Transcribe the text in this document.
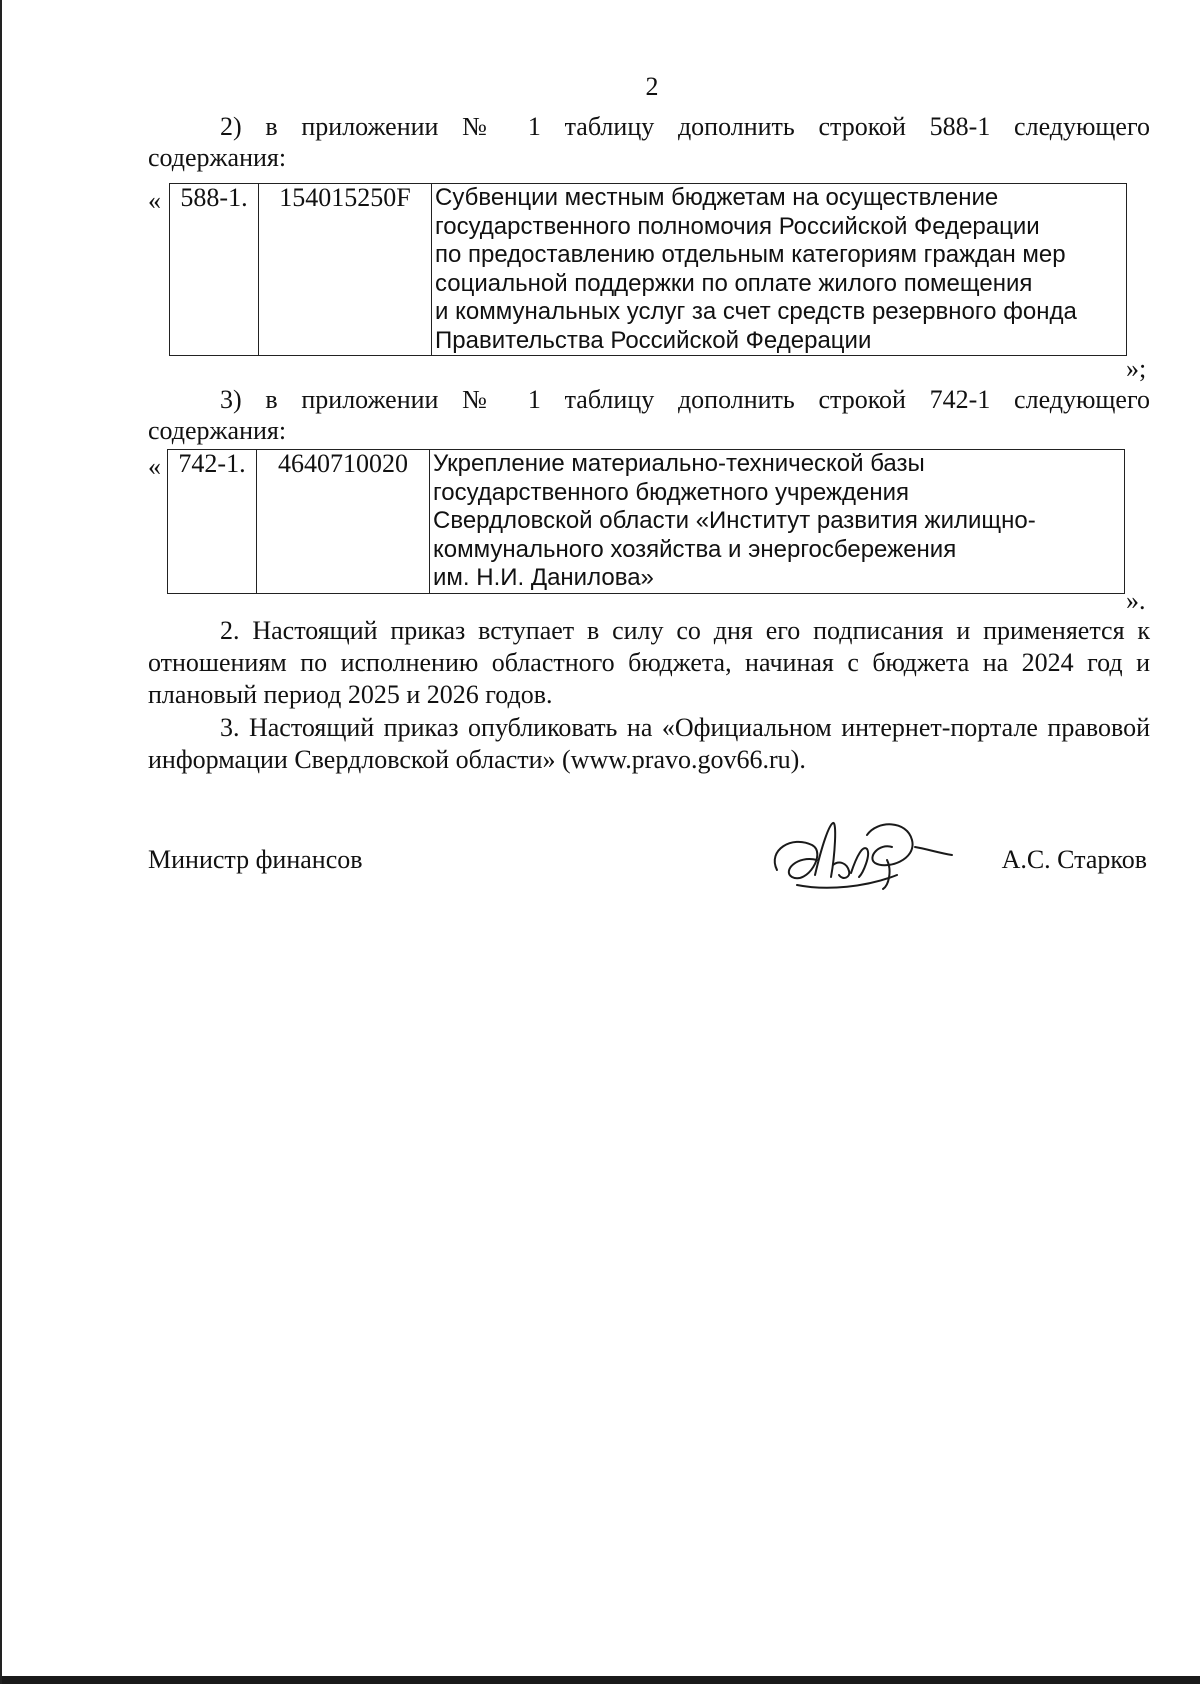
2
2) в приложении № 1 таблицу дополнить строкой 588-1 следующего
содержания:
« 588-1.	154015250F	Субвенции местным бюджетам на осуществление
государственного полномочия Российской Федерации
по предоставлению отдельным категориям граждан мер
социальной поддержки по оплате жилого помещения
и коммунальных услуг за счет средств резервного фонда
Правительства Российской Федерации
»;
3) в приложении № 1 таблицу дополнить строкой 742-1 следующего
содержания:
« 742-1.	4640710020	Укрепление материально-технической базы
государственного бюджетного учреждения
Свердловской области «Институт развития жилищно-
коммунального хозяйства и энергосбережения
им. Н.И. Данилова»
».
2. Настоящий приказ вступает в силу со дня его подписания и применяется к отношениям по исполнению областного бюджета, начиная с бюджета на 2024 год и плановый период 2025 и 2026 годов.
3. Настоящий приказ опубликовать на «Официальном интернет-портале правовой информации Свердловской области» (www.pravo.gov66.ru).
Министр финансов	А.С. Старков
